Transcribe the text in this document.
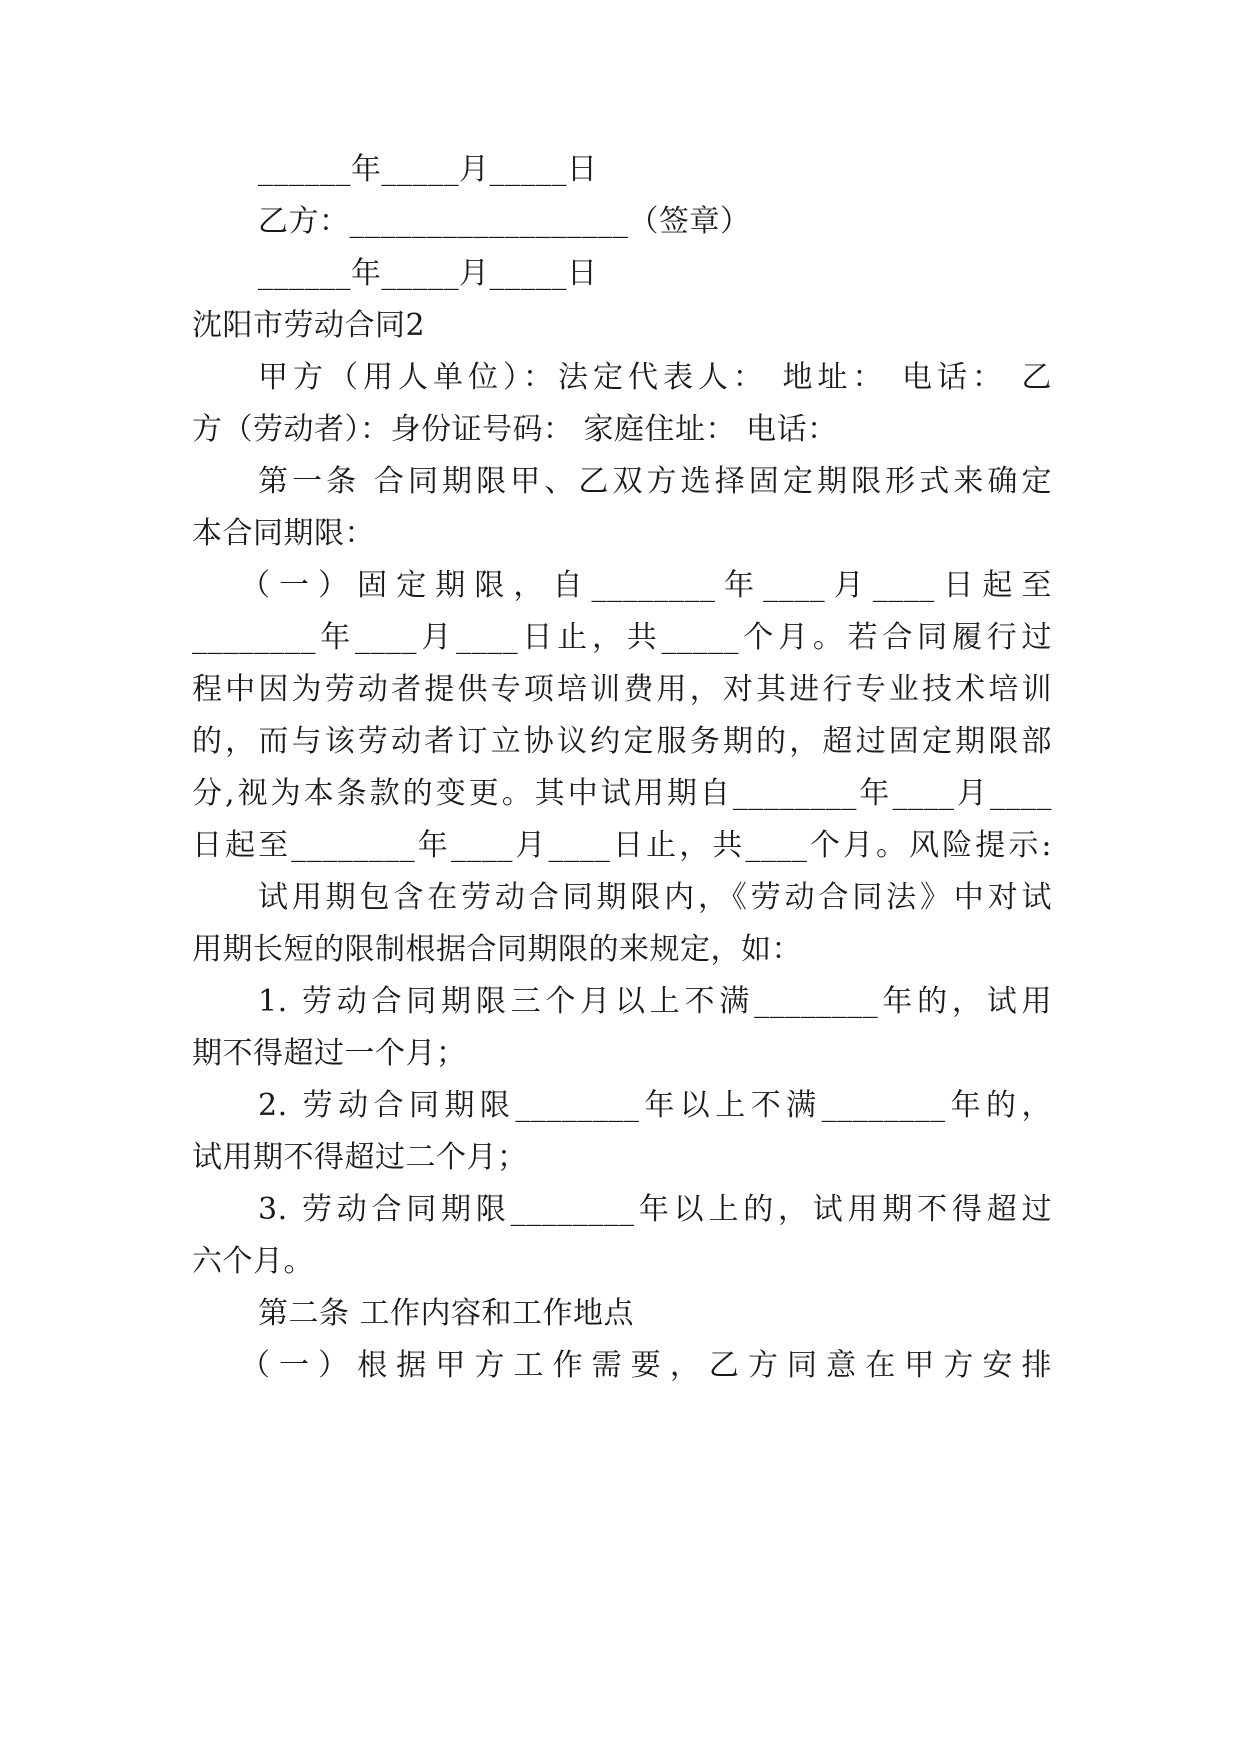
______年_____月_____日
乙方：__________________（签章）
______年_____月_____日
沈阳市劳动合同2
甲方（用人单位）：法定代表人： 地址： 电话： 乙
方（劳动者）：身份证号码： 家庭住址： 电话：
第一条 合同期限甲、乙双方选择固定期限形式来确定
本合同期限：
（一）固定期限，自________年____月____日起至
________年____月____日止，共_____个月。若合同履行过
程中因为劳动者提供专项培训费用，对其进行专业技术培训
的，而与该劳动者订立协议约定服务期的，超过固定期限部
分,视为本条款的变更。其中试用期自________年____月____
日起至________年____月____日止，共____个月。风险提示:
试用期包含在劳动合同期限内，《劳动合同法》中对试
用期长短的限制根据合同期限的来规定，如：
1. 劳动合同期限三个月以上不满________年的，试用
期不得超过一个月；
2. 劳动合同期限________年以上不满________年的，
试用期不得超过二个月；
3. 劳动合同期限________年以上的，试用期不得超过
六个月。
第二条 工作内容和工作地点
（一）根据甲方工作需要，乙方同意在甲方安排
